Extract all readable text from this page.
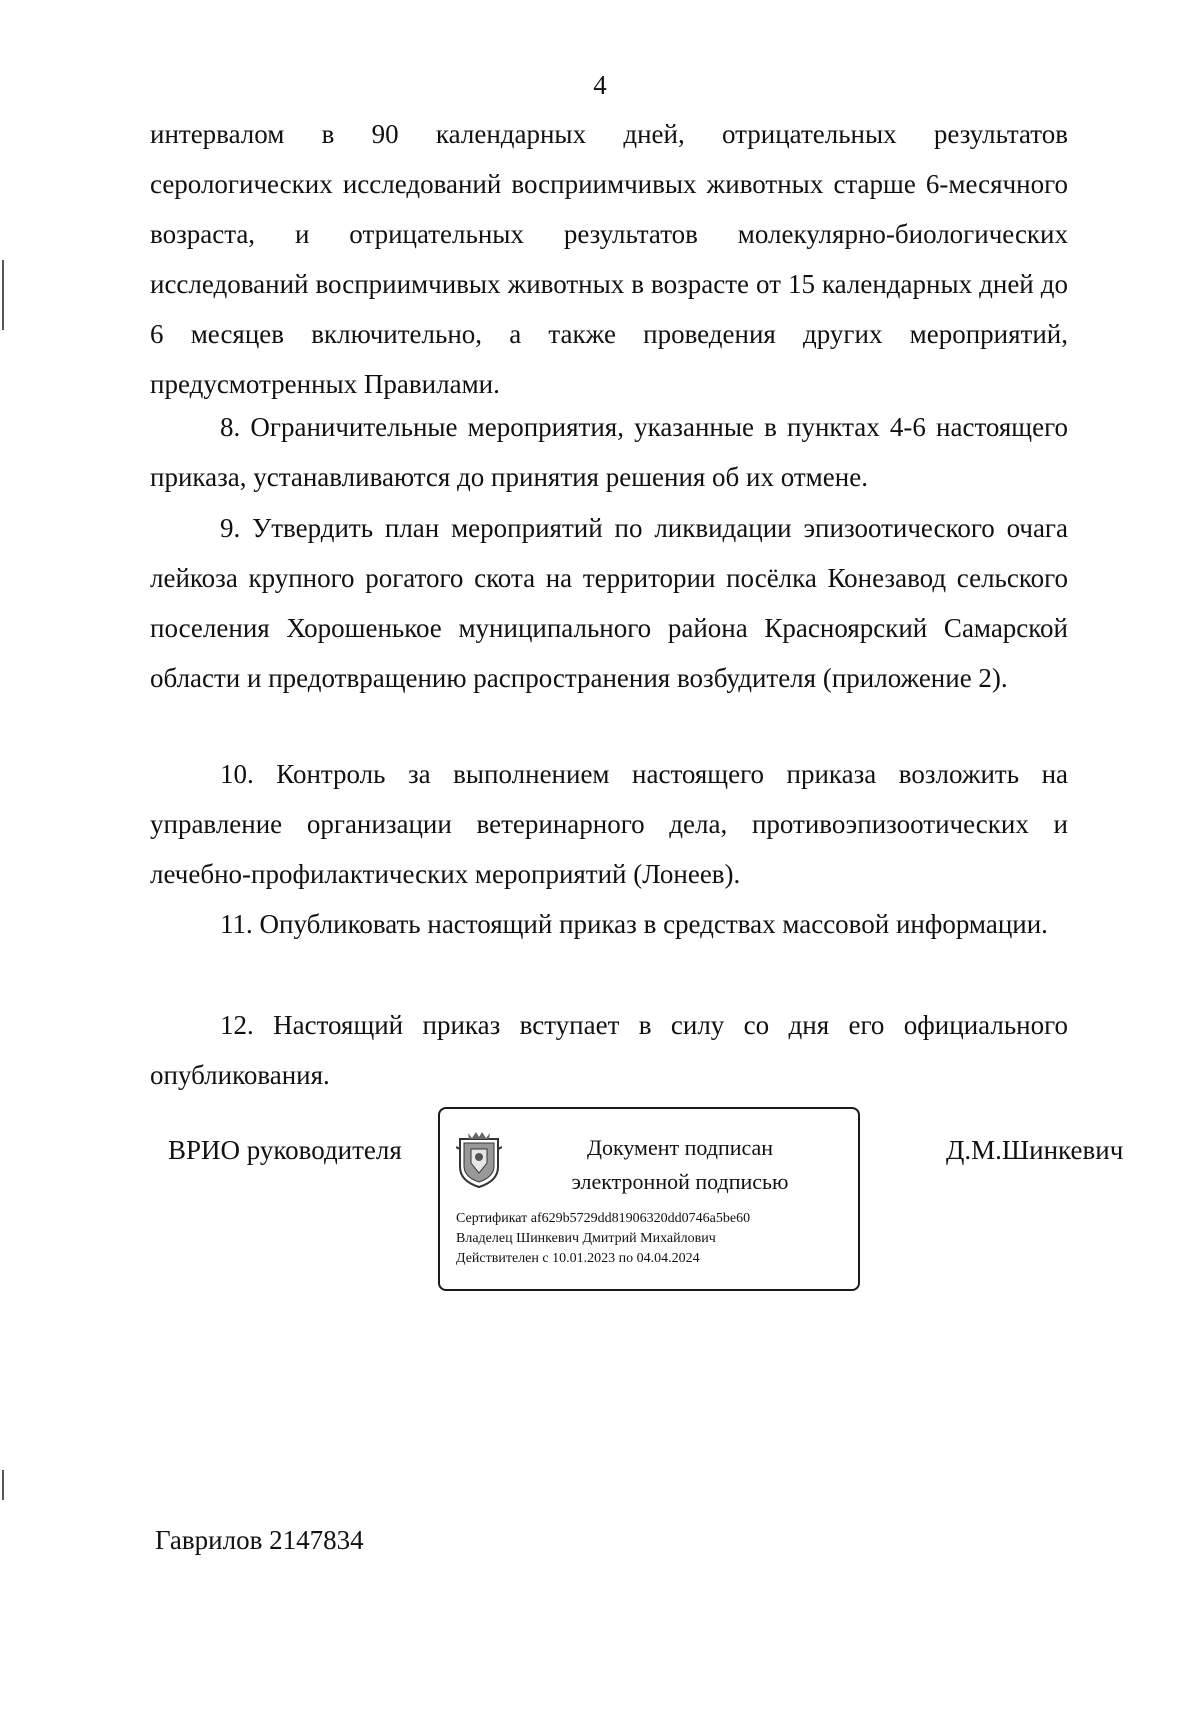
4
интервалом в 90 календарных дней, отрицательных результатов серологических исследований восприимчивых животных старше 6-месячного возраста, и отрицательных результатов молекулярно-биологических исследований восприимчивых животных в возрасте от 15 календарных дней до 6 месяцев включительно, а также проведения других мероприятий, предусмотренных Правилами.
8. Ограничительные мероприятия, указанные в пунктах 4-6 настоящего приказа, устанавливаются до принятия решения об их отмене.
9. Утвердить план мероприятий по ликвидации эпизоотического очага лейкоза крупного рогатого скота на территории посёлка Конезавод сельского поселения Хорошенькое муниципального района Красноярский Самарской области и предотвращению распространения возбудителя (приложение 2).
10. Контроль за выполнением настоящего приказа возложить на управление организации ветеринарного дела, противоэпизоотических и лечебно-профилактических мероприятий (Лонеев).
11. Опубликовать настоящий приказ в средствах массовой информации.
12. Настоящий приказ вступает в силу со дня его официального опубликования.
ВРИО руководителя	Документ подписан
электронной подписью
Сертификат af629b5729dd81906320dd0746a5be60
Владелец Шинкевич Дмитрий Михайлович
Действителен с 10.01.2023 по 04.04.2024
Д.М.Шинкевич
Гаврилов 2147834
